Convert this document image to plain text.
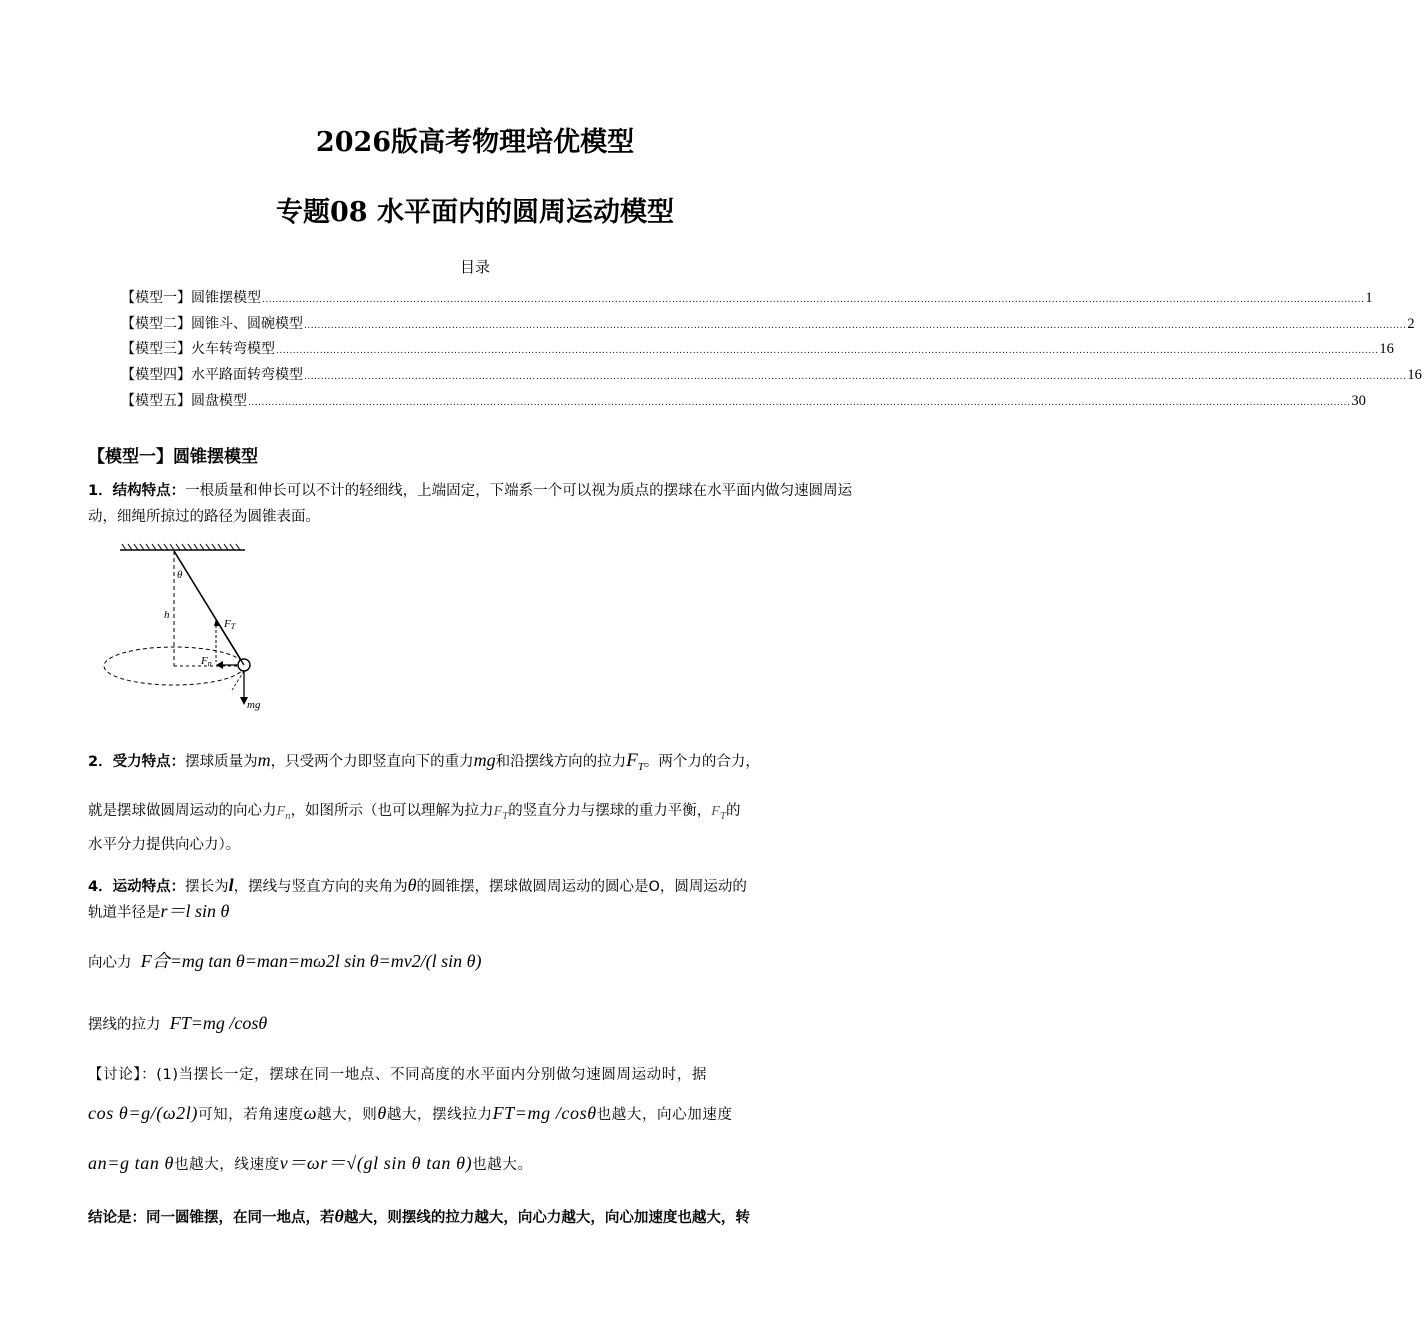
2026版高考物理培优模型
专题08 水平面内的圆周运动模型
目录
【模型一】圆锥摆模型 ........................................................................................................................................................................................................................................................................................................................................ 1
【模型二】圆锥斗、圆碗模型 ........................................................................................................................................................................................................................................................................................................................................ 2
【模型三】火车转弯模型 ........................................................................................................................................................................................................................................................................................................................................ 16
【模型四】水平路面转弯模型 ........................................................................................................................................................................................................................................................................................................................................ 16
【模型五】圆盘模型 ........................................................................................................................................................................................................................................................................................................................................ 30
【模型一】圆锥摆模型
1．结构特点：一根质量和伸长可以不计的轻细线，上端固定，下端系一个可以视为质点的摆球在水平面内做匀速圆周运动，细绳所掠过的路径为圆锥表面。
θ
h
FT
Fn
mg
2．受力特点：摆球质量为m，只受两个力即竖直向下的重力mg和沿摆线方向的拉力$F_T$。两个力的合力，
就是摆球做圆周运动的向心力$F_n$，如图所示（也可以理解为拉力$F_T$的竖直分力与摆球的重力平衡，$F_T$的
水平分力提供向心力）。
4．运动特点：摆长为l，摆线与竖直方向的夹角为θ的圆锥摆，摆球做圆周运动的圆心是O，圆周运动的
轨道半径是r＝l sin θ
向心力 F合=mg tan θ=man=mω2l sin θ=mv2/(l sin θ)
摆线的拉力 FT=mg /cosθ
【讨论】：(1)当摆长一定，摆球在同一地点、不同高度的水平面内分别做匀速圆周运动时，据
cos θ=g/(ω2l)可知，若角速度ω越大，则θ越大，摆线拉力FT=mg /cosθ也越大，向心加速度
an=g tan θ也越大，线速度v＝ωr＝√(gl sin θ tan θ)也越大。
结论是：同一圆锥摆，在同一地点，若θ越大，则摆线的拉力越大，向心力越大，向心加速度也越大，转
